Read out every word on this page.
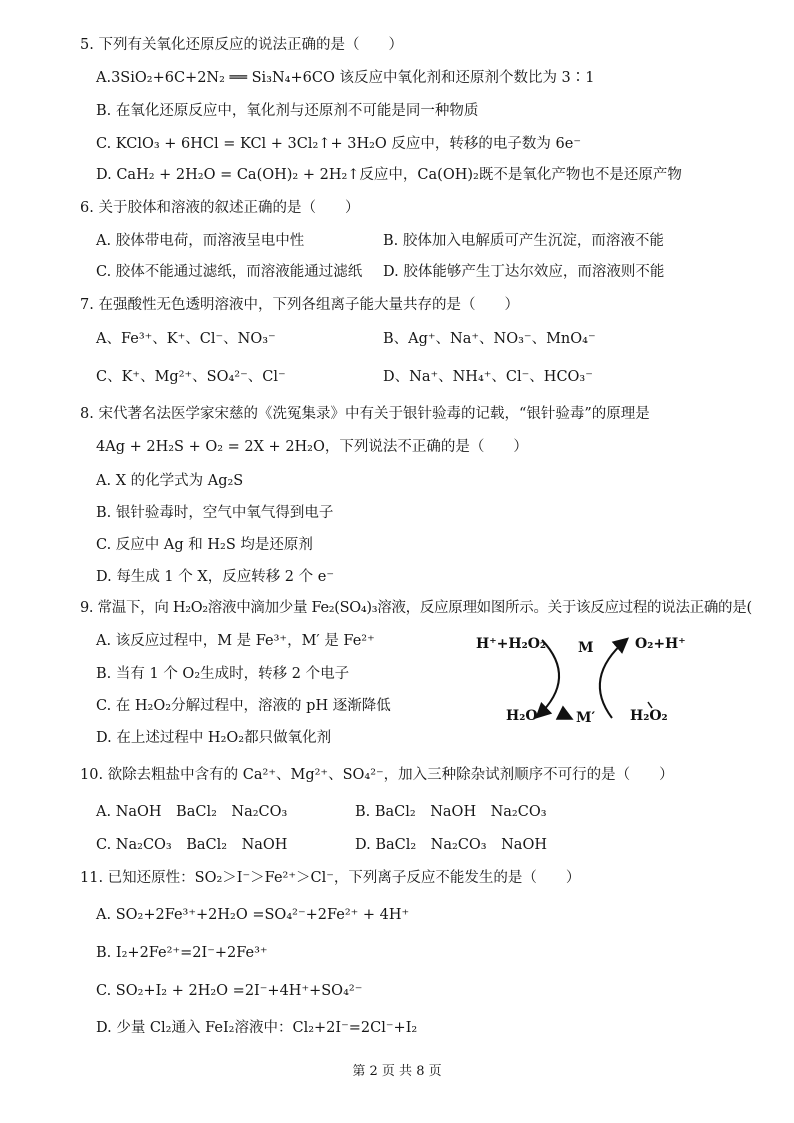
5. 下列有关氧化还原反应的说法正确的是（　　）
A.3SiO₂+6C+2N₂ ══ Si₃N₄+6CO 该反应中氧化剂和还原剂个数比为 3∶1
B. 在氧化还原反应中，氧化剂与还原剂不可能是同一种物质
C. KClO₃ + 6HCl = KCl + 3Cl₂↑+ 3H₂O 反应中，转移的电子数为 6e⁻
D. CaH₂ + 2H₂O = Ca(OH)₂ + 2H₂↑反应中，Ca(OH)₂既不是氧化产物也不是还原产物
6. 关于胶体和溶液的叙述正确的是（　　）
A. 胶体带电荷，而溶液呈电中性	B. 胶体加入电解质可产生沉淀，而溶液不能
C. 胶体不能通过滤纸，而溶液能通过滤纸 D. 胶体能够产生丁达尔效应，而溶液则不能
7. 在强酸性无色透明溶液中，下列各组离子能大量共存的是（　　）
A、Fe³⁺、K⁺、Cl⁻、NO₃⁻	B、Ag⁺、Na⁺、NO₃⁻、MnO₄⁻
C、K⁺、Mg²⁺、SO₄²⁻、Cl⁻	D、Na⁺、NH₄⁺、Cl⁻、HCO₃⁻
8. 宋代著名法医学家宋慈的《洗冤集录》中有关于银针验毒的记载，“银针验毒”的原理是
4Ag + 2H₂S + O₂ = 2X + 2H₂O，下列说法不正确的是（　　）
A. X 的化学式为 Ag₂S
B. 银针验毒时，空气中氧气得到电子
C. 反应中 Ag 和 H₂S 均是还原剂
D. 每生成 1 个 X，反应转移 2 个 e⁻
9. 常温下，向 H₂O₂溶液中滴加少量 Fe₂(SO₄)₃溶液，反应原理如图所示。关于该反应过程的说法正确的是(
A. 该反应过程中，M 是 Fe³⁺，M′ 是 Fe²⁺
B. 当有 1 个 O₂生成时，转移 2 个电子
C. 在 H₂O₂分解过程中，溶液的 pH 逐渐降低
D. 在上述过程中 H₂O₂都只做氧化剂
H⁺+H₂O₂	O₂+H⁺
H₂O	H₂O₂
M
M′
10. 欲除去粗盐中含有的 Ca²⁺、Mg²⁺、SO₄²⁻，加入三种除杂试剂顺序不可行的是（　　）
A. NaOH　BaCl₂　Na₂CO₃	B. BaCl₂　NaOH　Na₂CO₃
C. Na₂CO₃　BaCl₂　NaOH	D. BaCl₂　Na₂CO₃　NaOH
11. 已知还原性：SO₂＞I⁻＞Fe²⁺＞Cl⁻，下列离子反应不能发生的是（　　）
A. SO₂+2Fe³⁺+2H₂O =SO₄²⁻+2Fe²⁺ + 4H⁺
B. I₂+2Fe²⁺=2I⁻+2Fe³⁺
C. SO₂+I₂ + 2H₂O =2I⁻+4H⁺+SO₄²⁻
D. 少量 Cl₂通入 FeI₂溶液中：Cl₂+2I⁻=2Cl⁻+I₂
第 2 页 共 8 页
